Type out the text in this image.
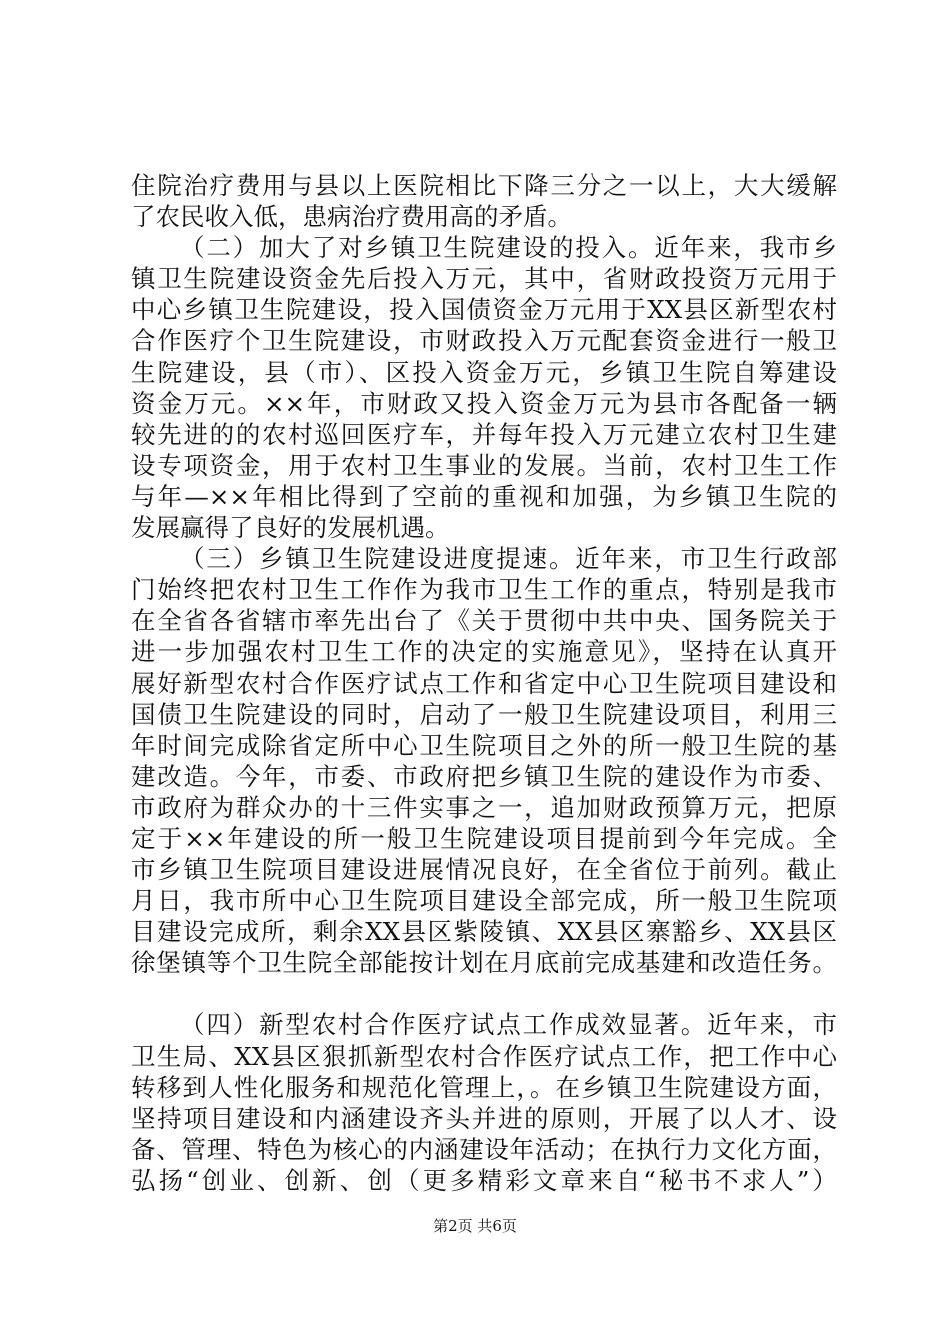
住院治疗费用与县以上医院相比下降三分之一以上，大大缓解
了农民收入低，患病治疗费用高的矛盾。
（二）加大了对乡镇卫生院建设的投入。近年来，我市乡
镇卫生院建设资金先后投入万元，其中，省财政投资万元用于
中心乡镇卫生院建设，投入国债资金万元用于XX县区新型农村
合作医疗个卫生院建设，市财政投入万元配套资金进行一般卫
生院建设，县（市）、区投入资金万元，乡镇卫生院自筹建设
资金万元。××年，市财政又投入资金万元为县市各配备一辆
较先进的的农村巡回医疗车，并每年投入万元建立农村卫生建
设专项资金，用于农村卫生事业的发展。当前，农村卫生工作
与年—××年相比得到了空前的重视和加强，为乡镇卫生院的
发展赢得了良好的发展机遇。
（三）乡镇卫生院建设进度提速。近年来，市卫生行政部
门始终把农村卫生工作作为我市卫生工作的重点，特别是我市
在全省各省辖市率先出台了《关于贯彻中共中央、国务院关于
进一步加强农村卫生工作的决定的实施意见》，坚持在认真开
展好新型农村合作医疗试点工作和省定中心卫生院项目建设和
国债卫生院建设的同时，启动了一般卫生院建设项目，利用三
年时间完成除省定所中心卫生院项目之外的所一般卫生院的基
建改造。今年，市委、市政府把乡镇卫生院的建设作为市委、
市政府为群众办的十三件实事之一，追加财政预算万元，把原
定于××年建设的所一般卫生院建设项目提前到今年完成。全
市乡镇卫生院项目建设进展情况良好，在全省位于前列。截止
月日，我市所中心卫生院项目建设全部完成，所一般卫生院项
目建设完成所，剩余XX县区紫陵镇、XX县区寨豁乡、XX县区
徐堡镇等个卫生院全部能按计划在月底前完成基建和改造任务。
（四）新型农村合作医疗试点工作成效显著。近年来，市
卫生局、XX县区狠抓新型农村合作医疗试点工作，把工作中心
转移到人性化服务和规范化管理上，。在乡镇卫生院建设方面，
坚持项目建设和内涵建设齐头并进的原则，开展了以人才、设
备、管理、特色为核心的内涵建设年活动；在执行力文化方面，
弘扬“创业、创新、创（更多精彩文章来自“秘书不求人”）
第2页 共6页
